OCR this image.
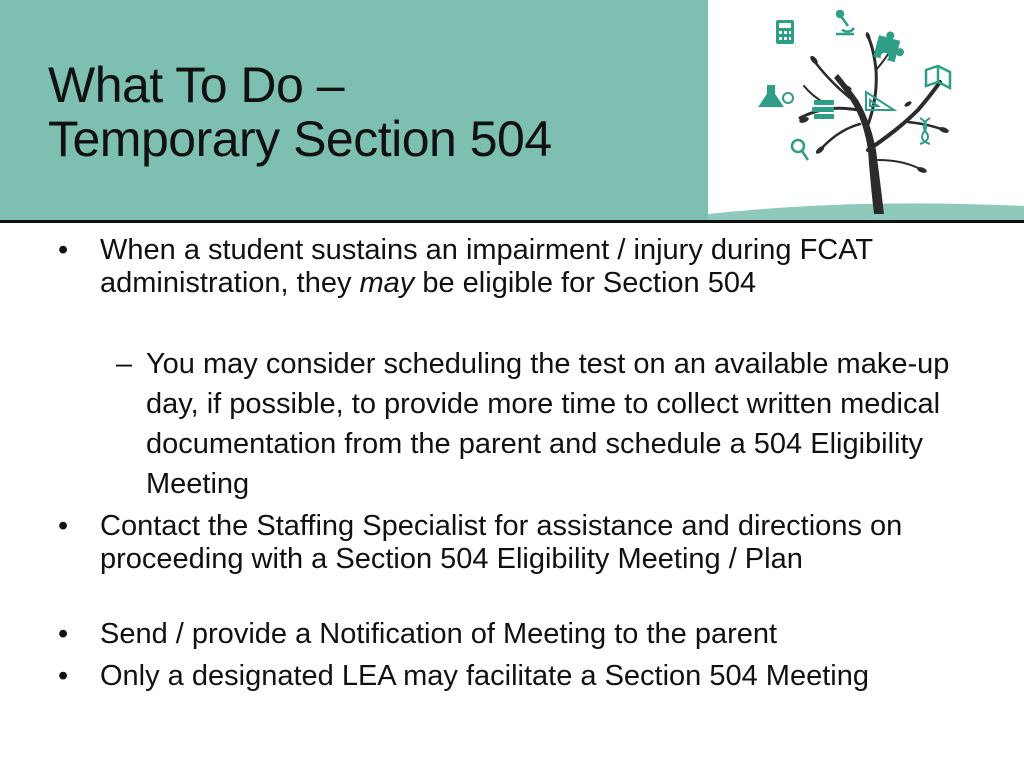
What To Do –
Temporary Section 504
• When a student sustains an impairment / injury during FCAT administration, they may be eligible for Section 504
– You may consider scheduling the test on an available make-up day, if possible, to provide more time to collect written medical documentation from the parent and schedule a 504 Eligibility Meeting
• Contact the Staffing Specialist for assistance and directions on proceeding with a Section 504 Eligibility Meeting / Plan
• Send / provide a Notification of Meeting to the parent
• Only a designated LEA may facilitate a Section 504 Meeting
